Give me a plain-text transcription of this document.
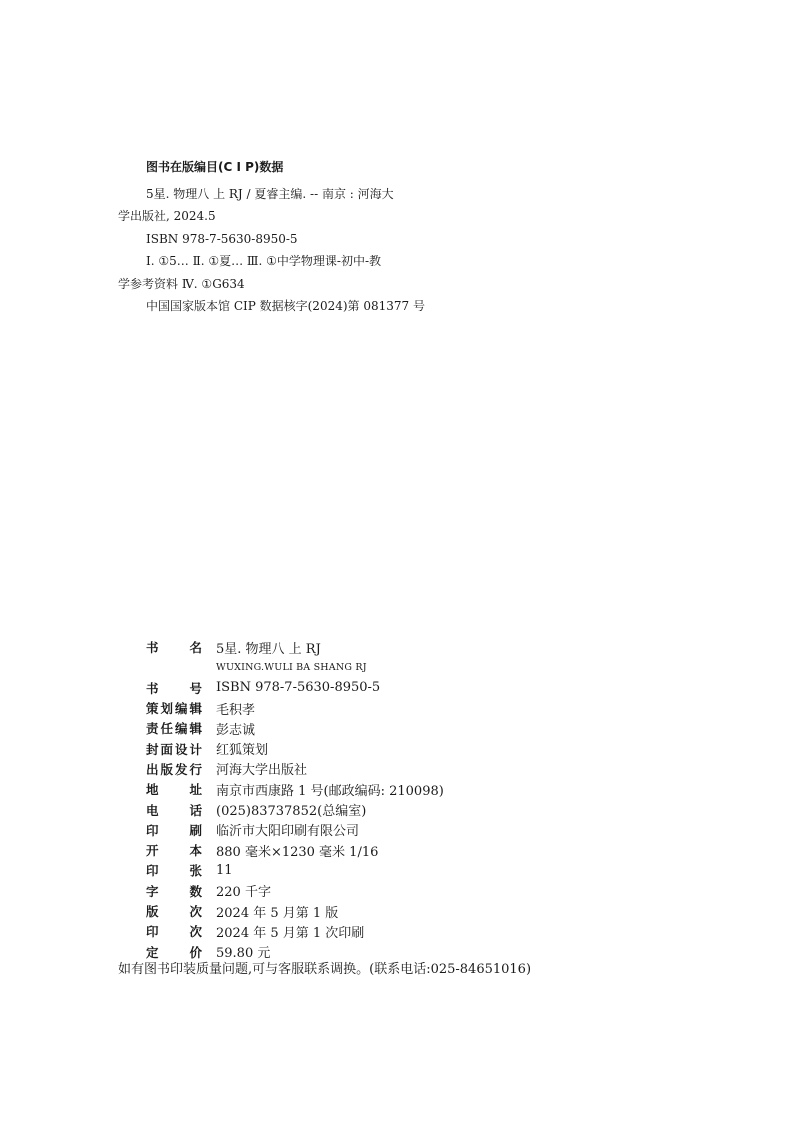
图书在版编目(C I P)数据

5星. 物理八 上 RJ / 夏睿主编. -- 南京 : 河海大

学出版社, 2024.5

ISBN 978-7-5630-8950-5

Ⅰ. ①5… Ⅱ. ①夏… Ⅲ. ①中学物理课-初中-教

学参考资料 Ⅳ. ①G634

中国国家版本馆 CIP 数据核字(2024)第 081377 号

书 名	5星. 物理八 上 RJ

	WUXING.WULI BA SHANG RJ

书 号	ISBN 978-7-5630-8950-5

策 划 编 辑	毛积孝

责 任 编 辑	彭志诚

封 面 设 计	红狐策划

出 版 发 行	河海大学出版社

地 址	南京市西康路 1 号(邮政编码: 210098)

电 话	(025)83737852(总编室)

印 刷	临沂市大阳印刷有限公司

开 本	880 毫米×1230 毫米 1/16

印 张	11

字 数	220 千字

版 次	2024 年 5 月第 1 版

印 次	2024 年 5 月第 1 次印刷

定 价	59.80 元
如有图书印装质量问题,可与客服联系调换。(联系电话:025-84651016)
